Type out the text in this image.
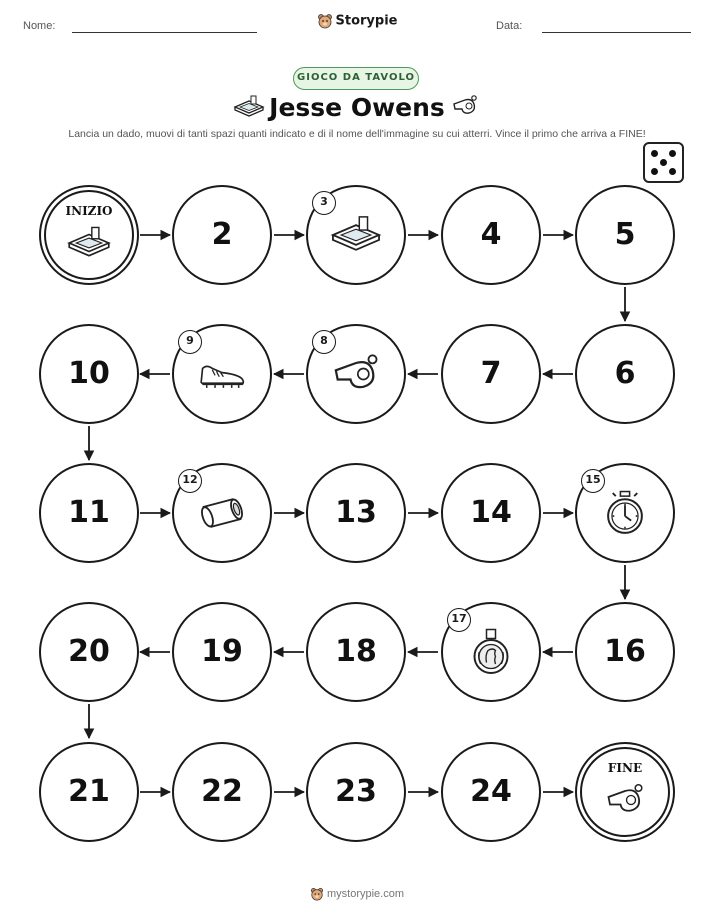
Nome:	Data:
Storypie
GIOCO DA TAVOLO
Jesse Owens
Lancia un dado, muovi di tanti spazi quanti indicato e di il nome dell'immagine su cui atterri. Vince il primo che arriva a FINE!
INIZIO
2
3
4	5
6
7
8
9
10
11
12
13	14
15
16
17
18
19
20
21	22	23	24
FINE
mystorypie.com
